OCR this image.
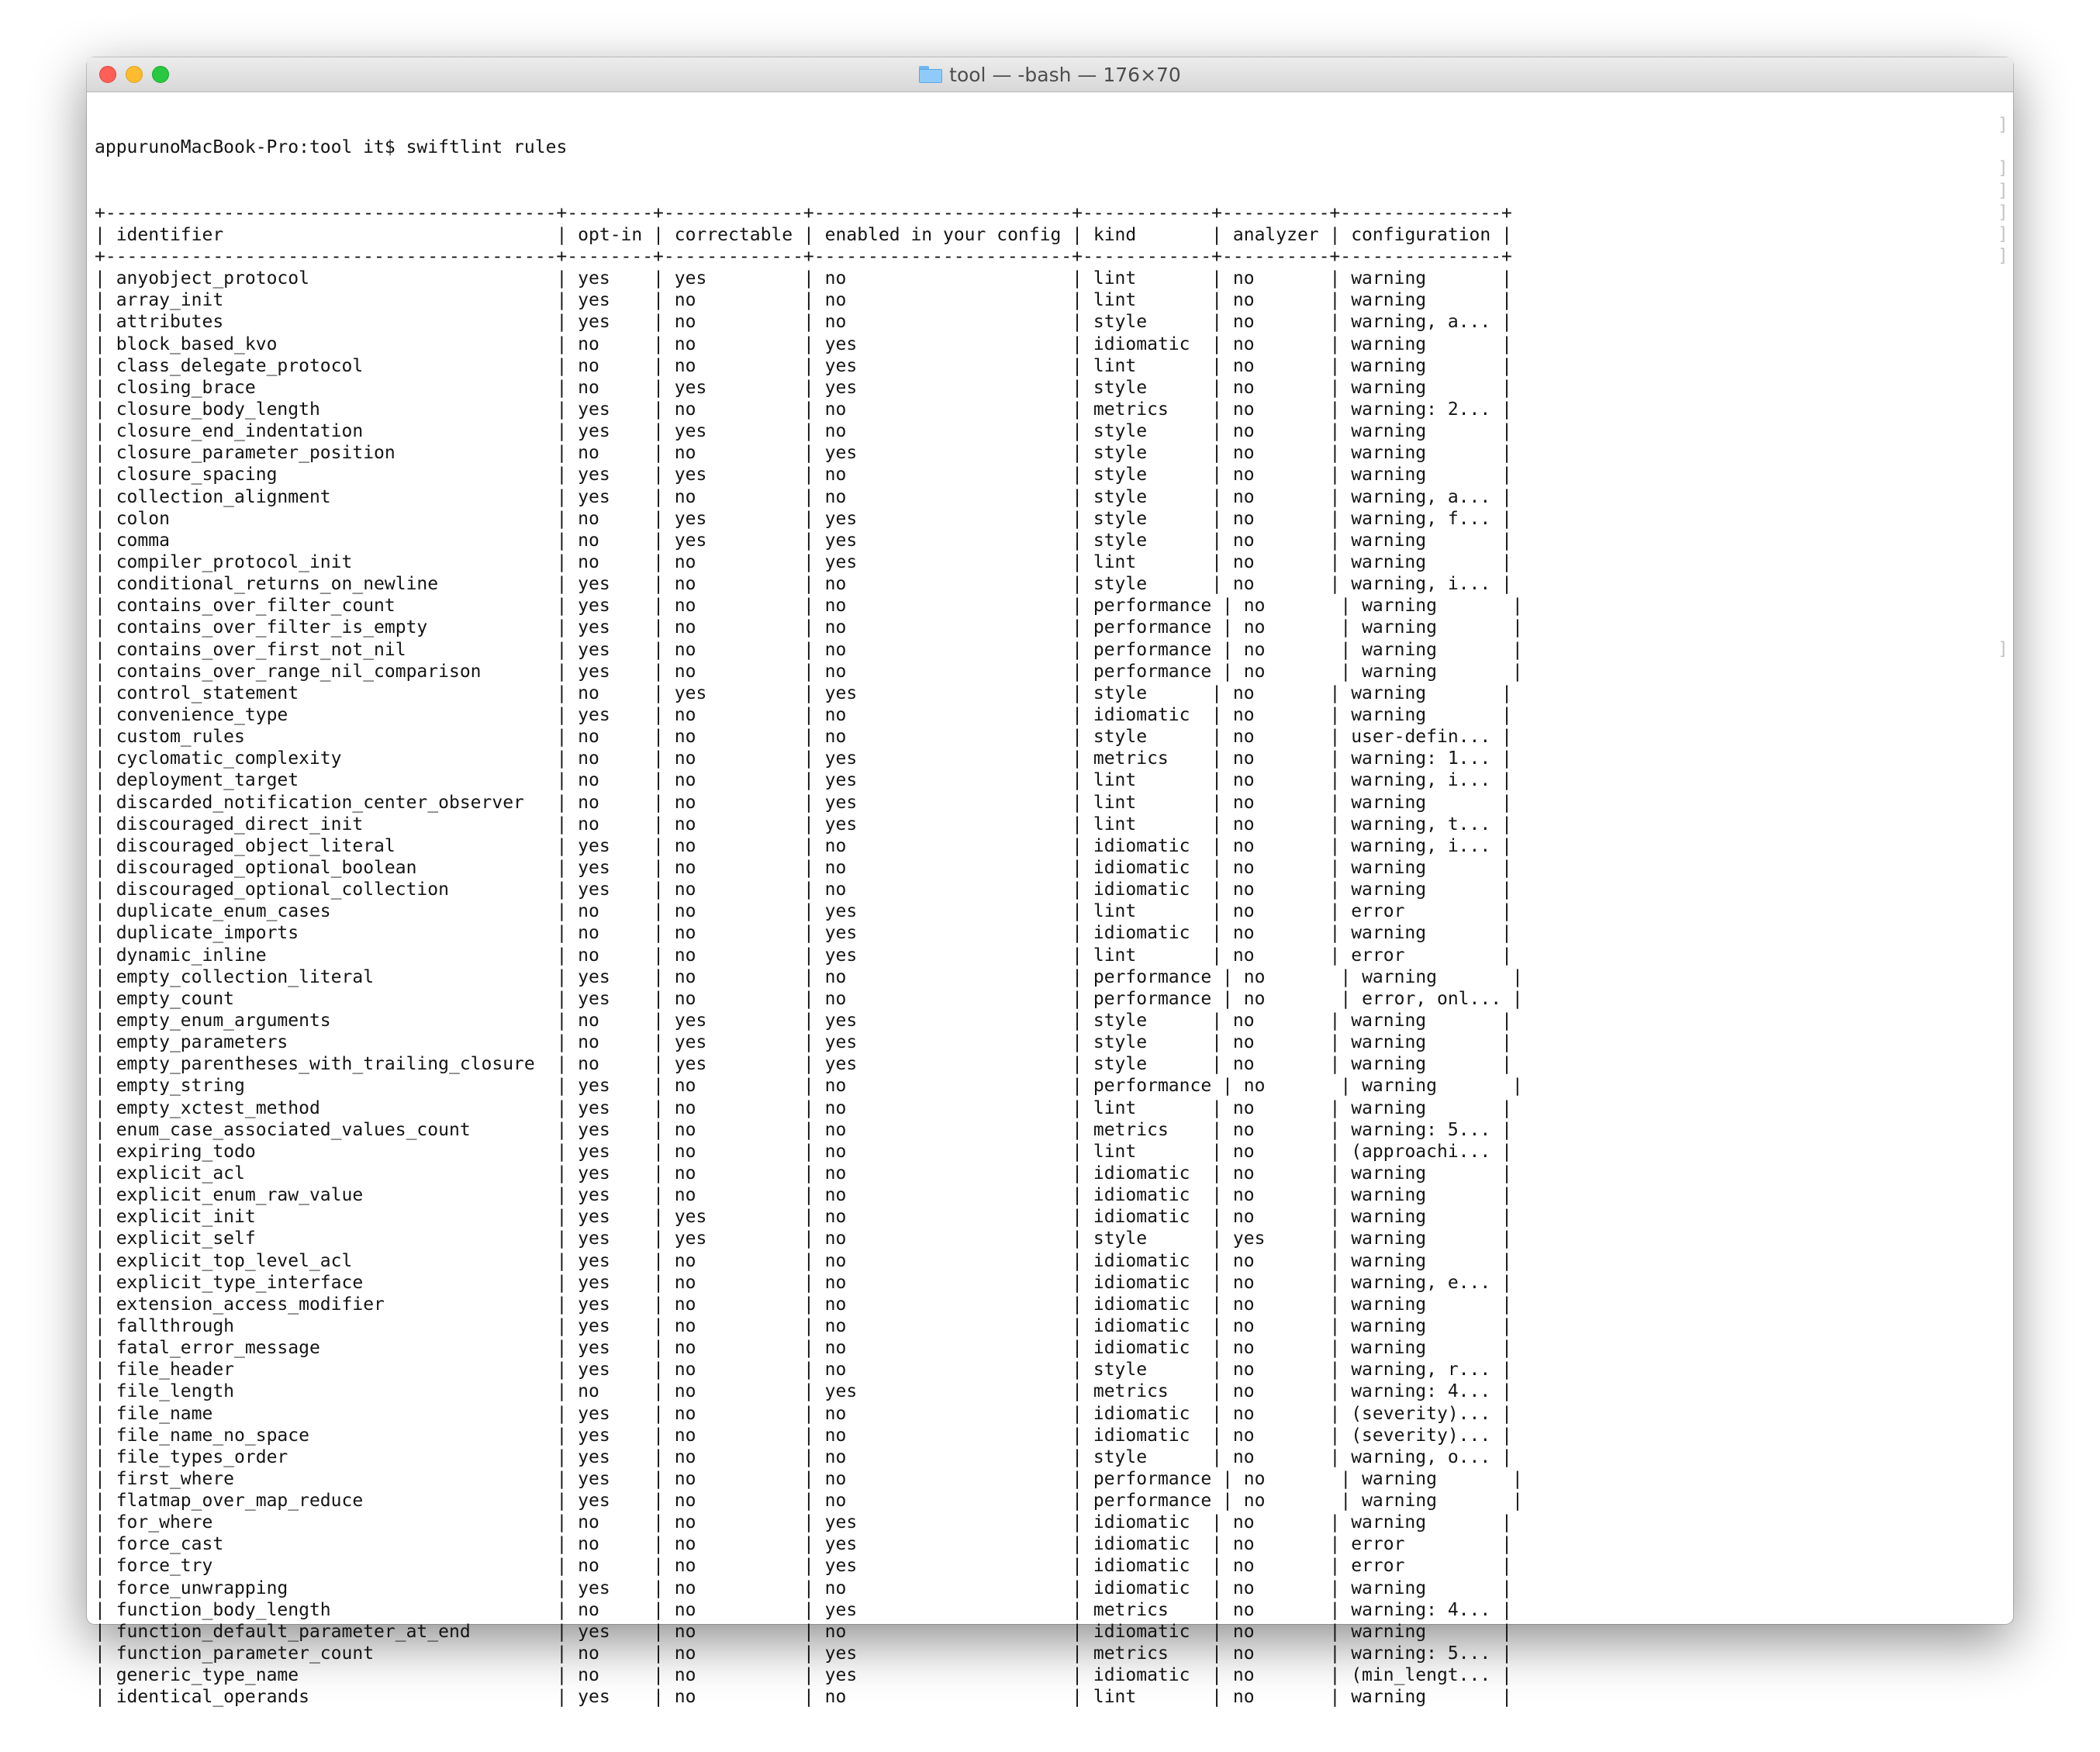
tool — -bash — 176×70

appurunoMacBook-Pro:tool it$ swiftlint rules

+------------------------------------------+--------+-------------+------------------------+------------+----------+---------------+
| identifier                               | opt-in | correctable | enabled in your config | kind       | analyzer | configuration |
+------------------------------------------+--------+-------------+------------------------+------------+----------+---------------+
| anyobject_protocol                       | yes    | yes         | no                     | lint       | no       | warning       |
| array_init                               | yes    | no          | no                     | lint       | no       | warning       |
| attributes                               | yes    | no          | no                     | style      | no       | warning, a... |
| block_based_kvo                          | no     | no          | yes                    | idiomatic  | no       | warning       |
| class_delegate_protocol                  | no     | no          | yes                    | lint       | no       | warning       |
| closing_brace                            | no     | yes         | yes                    | style      | no       | warning       |
| closure_body_length                      | yes    | no          | no                     | metrics    | no       | warning: 2... |
| closure_end_indentation                  | yes    | yes         | no                     | style      | no       | warning       |
| closure_parameter_position               | no     | no          | yes                    | style      | no       | warning       |
| closure_spacing                          | yes    | yes         | no                     | style      | no       | warning       |
| collection_alignment                     | yes    | no          | no                     | style      | no       | warning, a... |
| colon                                    | no     | yes         | yes                    | style      | no       | warning, f... |
| comma                                    | no     | yes         | yes                    | style      | no       | warning       |
| compiler_protocol_init                   | no     | no          | yes                    | lint       | no       | warning       |
| conditional_returns_on_newline           | yes    | no          | no                     | style      | no       | warning, i... |
| contains_over_filter_count               | yes    | no          | no                     | performance | no       | warning       |
| contains_over_filter_is_empty            | yes    | no          | no                     | performance | no       | warning       |
| contains_over_first_not_nil              | yes    | no          | no                     | performance | no       | warning       |
| contains_over_range_nil_comparison       | yes    | no          | no                     | performance | no       | warning       |
| control_statement                        | no     | yes         | yes                    | style      | no       | warning       |
| convenience_type                         | yes    | no          | no                     | idiomatic  | no       | warning       |
| custom_rules                             | no     | no          | no                     | style      | no       | user-defin... |
| cyclomatic_complexity                    | no     | no          | yes                    | metrics    | no       | warning: 1... |
| deployment_target                        | no     | no          | yes                    | lint       | no       | warning, i... |
| discarded_notification_center_observer   | no     | no          | yes                    | lint       | no       | warning       |
| discouraged_direct_init                  | no     | no          | yes                    | lint       | no       | warning, t... |
| discouraged_object_literal               | yes    | no          | no                     | idiomatic  | no       | warning, i... |
| discouraged_optional_boolean             | yes    | no          | no                     | idiomatic  | no       | warning       |
| discouraged_optional_collection          | yes    | no          | no                     | idiomatic  | no       | warning       |
| duplicate_enum_cases                     | no     | no          | yes                    | lint       | no       | error         |
| duplicate_imports                        | no     | no          | yes                    | idiomatic  | no       | warning       |
| dynamic_inline                           | no     | no          | yes                    | lint       | no       | error         |
| empty_collection_literal                 | yes    | no          | no                     | performance | no       | warning       |
| empty_count                              | yes    | no          | no                     | performance | no       | error, onl... |
| empty_enum_arguments                     | no     | yes         | yes                    | style      | no       | warning       |
| empty_parameters                         | no     | yes         | yes                    | style      | no       | warning       |
| empty_parentheses_with_trailing_closure  | no     | yes         | yes                    | style      | no       | warning       |
| empty_string                             | yes    | no          | no                     | performance | no       | warning       |
| empty_xctest_method                      | yes    | no          | no                     | lint       | no       | warning       |
| enum_case_associated_values_count        | yes    | no          | no                     | metrics    | no       | warning: 5... |
| expiring_todo                            | yes    | no          | no                     | lint       | no       | (approachi... |
| explicit_acl                             | yes    | no          | no                     | idiomatic  | no       | warning       |
| explicit_enum_raw_value                  | yes    | no          | no                     | idiomatic  | no       | warning       |
| explicit_init                            | yes    | yes         | no                     | idiomatic  | no       | warning       |
| explicit_self                            | yes    | yes         | no                     | style      | yes      | warning       |
| explicit_top_level_acl                   | yes    | no          | no                     | idiomatic  | no       | warning       |
| explicit_type_interface                  | yes    | no          | no                     | idiomatic  | no       | warning, e... |
| extension_access_modifier                | yes    | no          | no                     | idiomatic  | no       | warning       |
| fallthrough                              | yes    | no          | no                     | idiomatic  | no       | warning       |
| fatal_error_message                      | yes    | no          | no                     | idiomatic  | no       | warning       |
| file_header                              | yes    | no          | no                     | style      | no       | warning, r... |
| file_length                              | no     | no          | yes                    | metrics    | no       | warning: 4... |
| file_name                                | yes    | no          | no                     | idiomatic  | no       | (severity)... |
| file_name_no_space                       | yes    | no          | no                     | idiomatic  | no       | (severity)... |
| file_types_order                         | yes    | no          | no                     | style      | no       | warning, o... |
| first_where                              | yes    | no          | no                     | performance | no       | warning       |
| flatmap_over_map_reduce                  | yes    | no          | no                     | performance | no       | warning       |
| for_where                                | no     | no          | yes                    | idiomatic  | no       | warning       |
| force_cast                               | no     | no          | yes                    | idiomatic  | no       | error         |
| force_try                                | no     | no          | yes                    | idiomatic  | no       | error         |
| force_unwrapping                         | yes    | no          | no                     | idiomatic  | no       | warning       |
| function_body_length                     | no     | no          | yes                    | metrics    | no       | warning: 4... |
| function_default_parameter_at_end        | yes    | no          | no                     | idiomatic  | no       | warning       |
| function_parameter_count                 | no     | no          | yes                    | metrics    | no       | warning: 5... |
| generic_type_name                        | no     | no          | yes                    | idiomatic  | no       | (min_lengt... |
| identical_operands                       | yes    | no          | no                     | lint       | no       | warning       |

]
]
]
]
]
]
]
